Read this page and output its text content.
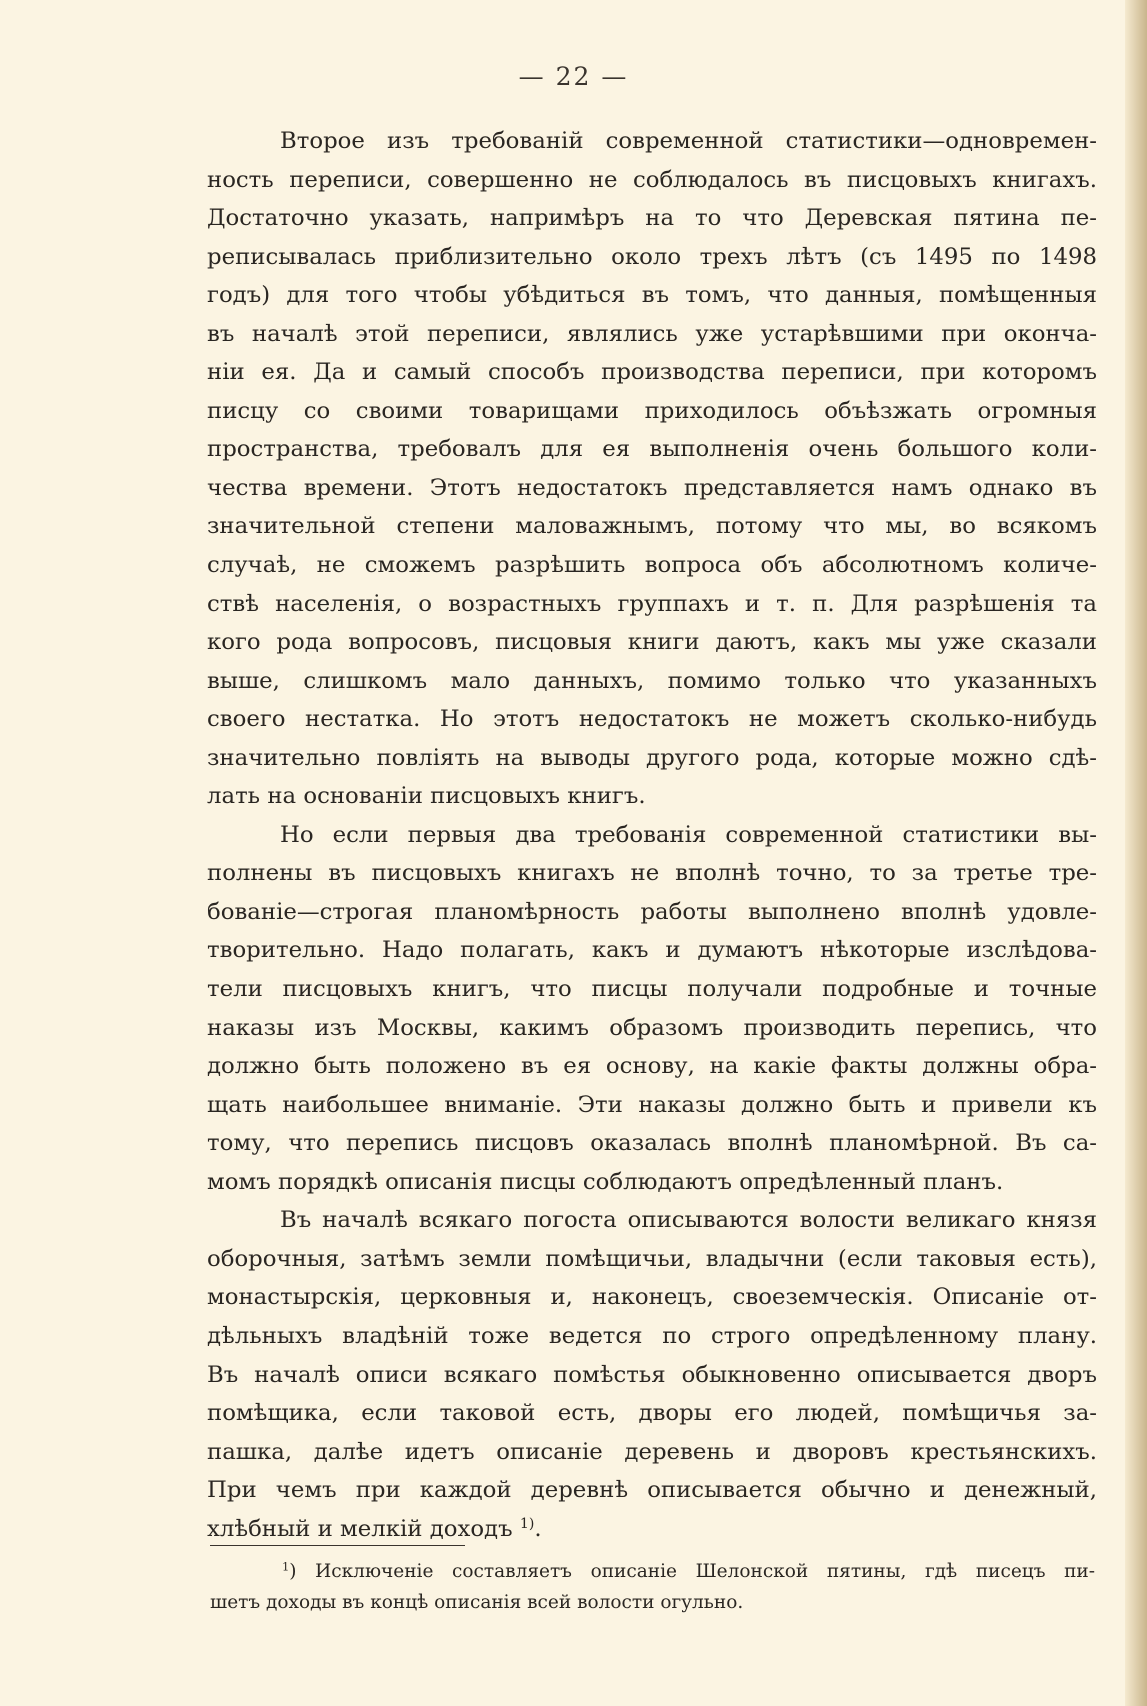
— 22 —
Второе изъ требованій современной статистики—одновремен-
ность переписи, совершенно не соблюдалось въ писцовыхъ книгахъ.
Достаточно указать, напримѣръ на то что Деревская пятина пе-
реписывалась приблизительно около трехъ лѣтъ (съ 1495 по 1498
годъ) для того чтобы убѣдиться въ томъ, что данныя, помѣщенныя
въ началѣ этой переписи, являлись уже устарѣвшими при оконча-
ніи ея. Да и самый способъ производства переписи, при которомъ
писцу со своими товарищами приходилось объѣзжать огромныя
пространства, требовалъ для ея выполненія очень большого коли-
чества времени. Этотъ недостатокъ представляется намъ однако въ
значительной степени маловажнымъ, потому что мы, во всякомъ
случаѣ, не сможемъ разрѣшить вопроса объ абсолютномъ количе-
ствѣ населенія, о возрастныхъ группахъ и т. п. Для разрѣшенія та
кого рода вопросовъ, писцовыя книги даютъ, какъ мы уже сказали
выше, слишкомъ мало данныхъ, помимо только что указанныхъ
своего нестатка. Но этотъ недостатокъ не можетъ сколько-нибудь
значительно повліять на выводы другого рода, которые можно сдѣ-
лать на основаніи писцовыхъ книгъ.
Но если первыя два требованія современной статистики вы-
полнены въ писцовыхъ книгахъ не вполнѣ точно, то за третье тре-
бованіе—строгая планомѣрность работы выполнено вполнѣ удовле-
творительно. Надо полагать, какъ и думаютъ нѣкоторые изслѣдова-
тели писцовыхъ книгъ, что писцы получали подробные и точные
наказы изъ Москвы, какимъ образомъ производить перепись, что
должно быть положено въ ея основу, на какіе факты должны обра-
щать наибольшее вниманіе. Эти наказы должно быть и привели къ
тому, что перепись писцовъ оказалась вполнѣ планомѣрной. Въ са-
момъ порядкѣ описанія писцы соблюдаютъ опредѣленный планъ.
Въ началѣ всякаго погоста описываются волости великаго князя
оборочныя, затѣмъ земли помѣщичьи, владычни (если таковыя есть),
монастырскія, церковныя и, наконецъ, своеземческія. Описаніе от-
дѣльныхъ владѣній тоже ведется по строго опредѣленному плану.
Въ началѣ описи всякаго помѣстья обыкновенно описывается дворъ
помѣщика, если таковой есть, дворы его людей, помѣщичья за-
пашка, далѣе идетъ описаніе деревень и дворовъ крестьянскихъ.
При чемъ при каждой деревнѣ описывается обычно и денежный,
хлѣбный и мелкій доходъ $^{1)}$.
$^1$) Исключеніе составляетъ описаніе Шелонской пятины, гдѣ писецъ пи-
шетъ доходы въ концѣ описанія всей волости огульно.
